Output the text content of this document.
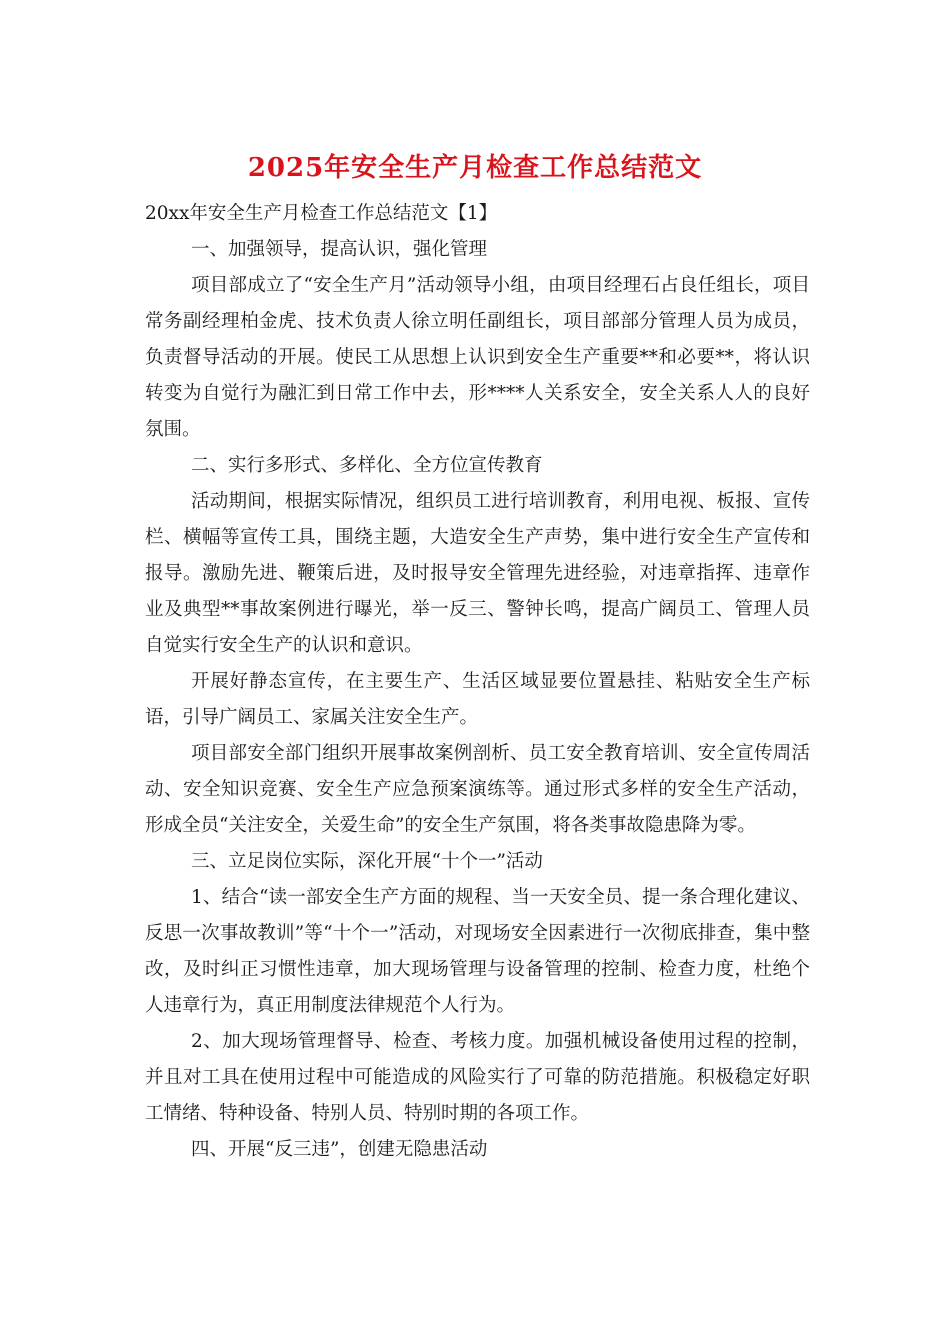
2025年安全生产月检查工作总结范文

20xx年安全生产月检查工作总结范文【1】

一、加强领导，提高认识，强化管理

项目部成立了“安全生产月”活动领导小组，由项目经理石占良任组长，项目常务副经理柏金虎、技术负责人徐立明任副组长，项目部部分管理人员为成员，负责督导活动的开展。使民工从思想上认识到安全生产重要**和必要**，将认识转变为自觉行为融汇到日常工作中去，形****人关系安全，安全关系人人的良好氛围。

二、实行多形式、多样化、全方位宣传教育

活动期间，根据实际情况，组织员工进行培训教育，利用电视、板报、宣传栏、横幅等宣传工具，围绕主题，大造安全生产声势，集中进行安全生产宣传和报导。激励先进、鞭策后进，及时报导安全管理先进经验，对违章指挥、违章作业及典型**事故案例进行曝光，举一反三、警钟长鸣，提高广阔员工、管理人员自觉实行安全生产的认识和意识。

开展好静态宣传，在主要生产、生活区域显要位置悬挂、粘贴安全生产标语，引导广阔员工、家属关注安全生产。

项目部安全部门组织开展事故案例剖析、员工安全教育培训、安全宣传周活动、安全知识竞赛、安全生产应急预案演练等。通过形式多样的安全生产活动，形成全员“关注安全，关爱生命”的安全生产氛围，将各类事故隐患降为零。

三、立足岗位实际，深化开展“十个一”活动

1、结合“读一部安全生产方面的规程、当一天安全员、提一条合理化建议、反思一次事故教训”等“十个一”活动，对现场安全因素进行一次彻底排查，集中整改，及时纠正习惯性违章，加大现场管理与设备管理的控制、检查力度，杜绝个人违章行为，真正用制度法律规范个人行为。

2、加大现场管理督导、检查、考核力度。加强机械设备使用过程的控制，并且对工具在使用过程中可能造成的风险实行了可靠的防范措施。积极稳定好职工情绪、特种设备、特别人员、特别时期的各项工作。

四、开展“反三违”，创建无隐患活动
